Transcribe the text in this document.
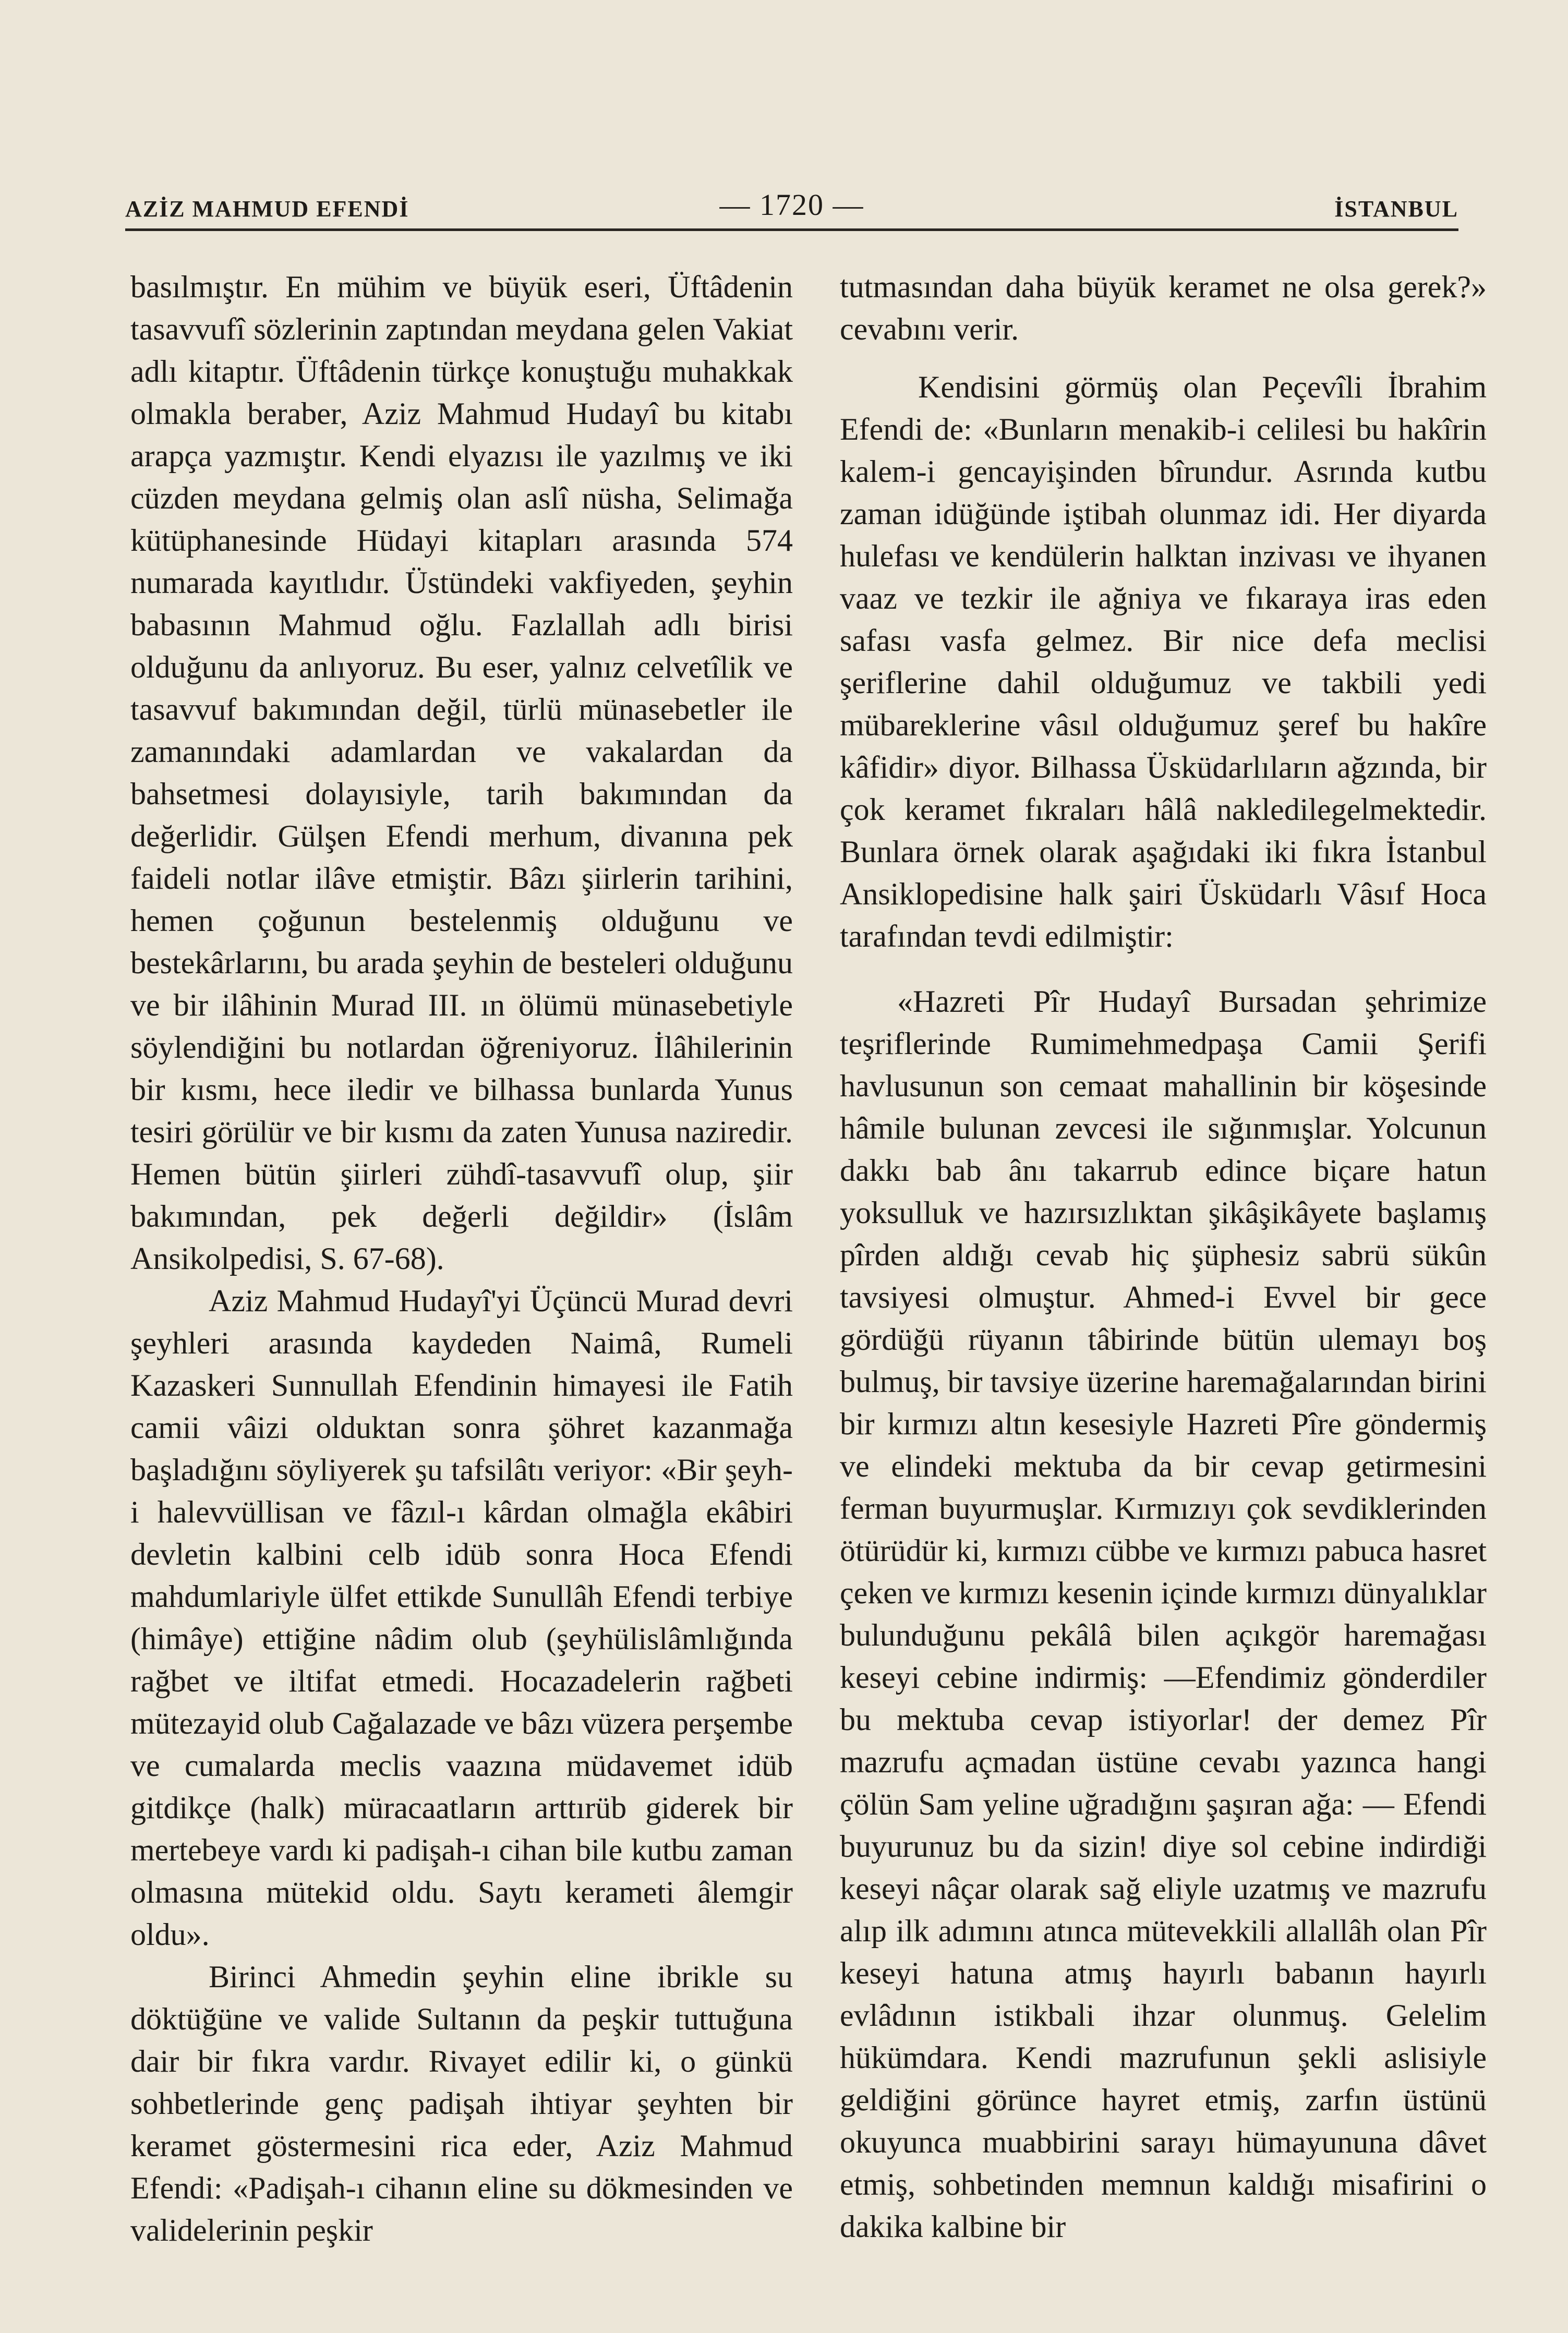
AZİZ MAHMUD EFENDİ	— 1720 —	İSTANBUL

basılmıştır. En mühim ve büyük eseri, Üftâdenin tasavvufî sözlerinin zaptından meydana gelen Vakiat adlı kitaptır. Üftâdenin türkçe konuştuğu muhakkak olmakla beraber, Aziz Mahmud Hudayî bu kitabı arapça yazmıştır. Kendi elyazısı ile yazılmış ve iki cüzden meydana gelmiş olan aslî nüsha, Selimağa kütüphanesinde Hüdayi kitapları arasında 574 numarada kayıtlıdır. Üstündeki vakfiyeden, şeyhin babasının Mahmud oğlu. Fazlallah adlı birisi olduğunu da anlıyoruz. Bu eser, yalnız celvetîlik ve tasavvuf bakımından değil, türlü münasebetler ile zamanındaki adamlardan ve vakalardan da bahsetmesi dolayısiyle, tarih bakımından da değerlidir. Gülşen Efendi merhum, divanına pek faideli notlar ilâve etmiştir. Bâzı şiirlerin tarihini, hemen çoğunun bestelenmiş olduğunu ve bestekârlarını, bu arada şeyhin de besteleri olduğunu ve bir ilâhinin Murad III. ın ölümü münasebetiyle söylendiğini bu notlardan öğreniyoruz. İlâhilerinin bir kısmı, hece iledir ve bilhassa bunlarda Yunus tesiri görülür ve bir kısmı da zaten Yunusa naziredir. Hemen bütün şiirleri zühdî-tasavvufî olup, şiir bakımından, pek değerli değildir» (İslâm Ansikolpedisi, S. 67-68).

Aziz Mahmud Hudayî'yi Üçüncü Murad devri şeyhleri arasında kaydeden Naimâ, Rumeli Kazaskeri Sunnullah Efendinin himayesi ile Fatih camii vâizi olduktan sonra şöhret kazanmağa başladığını söyliyerek şu tafsilâtı veriyor: «Bir şeyh-i halevvüllisan ve fâzıl-ı kârdan olmağla ekâbiri devletin kalbini celb idüb sonra Hoca Efendi mahdumlariyle ülfet ettikde Sunullâh Efendi terbiye (himâye) ettiğine nâdim olub (şeyhülislâmlığında rağbet ve iltifat etmedi. Hocazadelerin rağbeti mütezayid olub Cağalazade ve bâzı vüzera perşembe ve cumalarda meclis vaazına müdavemet idüb gitdikçe (halk) müracaatların arttırüb giderek bir mertebeye vardı ki padişah-ı cihan bile kutbu zaman olmasına mütekid oldu. Saytı kerameti âlemgir oldu».

Birinci Ahmedin şeyhin eline ibrikle su döktüğüne ve valide Sultanın da peşkir tuttuğuna dair bir fıkra vardır. Rivayet edilir ki, o günkü sohbetlerinde genç padişah ihtiyar şeyhten bir keramet göstermesini rica eder, Aziz Mahmud Efendi: «Padişah-ı cihanın eline su dökmesinden ve validelerinin peşkir

tutmasından daha büyük keramet ne olsa gerek?» cevabını verir.

Kendisini görmüş olan Peçevîli İbrahim Efendi de: «Bunların menakib-i celilesi bu hakîrin kalem-i gencayişinden bîrundur. Asrında kutbu zaman idüğünde iştibah olunmaz idi. Her diyarda hulefası ve kendülerin halktan inzivası ve ihyanen vaaz ve tezkir ile ağniya ve fıkaraya iras eden safası vasfa gelmez. Bir nice defa meclisi şeriflerine dahil olduğumuz ve takbili yedi mübareklerine vâsıl olduğumuz şeref bu hakîre kâfidir» diyor. Bilhassa Üsküdarlıların ağzında, bir çok keramet fıkraları hâlâ nakledilegelmektedir. Bunlara örnek olarak aşağıdaki iki fıkra İstanbul Ansiklopedisine halk şairi Üsküdarlı Vâsıf Hoca tarafından tevdi edilmiştir:

«Hazreti Pîr Hudayî Bursadan şehrimize teşriflerinde Rumimehmedpaşa Camii Şerifi havlusunun son cemaat mahallinin bir köşesinde hâmile bulunan zevcesi ile sığınmışlar. Yolcunun dakkı bab ânı takarrub edince biçare hatun yoksulluk ve hazırsızlıktan şikâşikâyete başlamış pîrden aldığı cevab hiç şüphesiz sabrü sükûn tavsiyesi olmuştur. Ahmed-i Evvel bir gece gördüğü rüyanın tâbirinde bütün ulemayı boş bulmuş, bir tavsiye üzerine haremağalarından birini bir kırmızı altın kesesiyle Hazreti Pîre göndermiş ve elindeki mektuba da bir cevap getirmesini ferman buyurmuşlar. Kırmızıyı çok sevdiklerinden ötürüdür ki, kırmızı cübbe ve kırmızı pabuca hasret çeken ve kırmızı kesenin içinde kırmızı dünyalıklar bulunduğunu pekâlâ bilen açıkgör haremağası keseyi cebine indirmiş: —Efendimiz gönderdiler bu mektuba cevap istiyorlar! der demez Pîr mazrufu açmadan üstüne cevabı yazınca hangi çölün Sam yeline uğradığını şaşıran ağa: — Efendi buyurunuz bu da sizin! diye sol cebine indirdiği keseyi nâçar olarak sağ eliyle uzatmış ve mazrufu alıp ilk adımını atınca mütevekkili allallâh olan Pîr keseyi hatuna atmış hayırlı babanın hayırlı evlâdının istikbali ihzar olunmuş. Gelelim hükümdara. Kendi mazrufunun şekli aslisiyle geldiğini görünce hayret etmiş, zarfın üstünü okuyunca muabbirini sarayı hümayununa dâvet etmiş, sohbetinden memnun kaldığı misafirini o dakika kalbine bir
